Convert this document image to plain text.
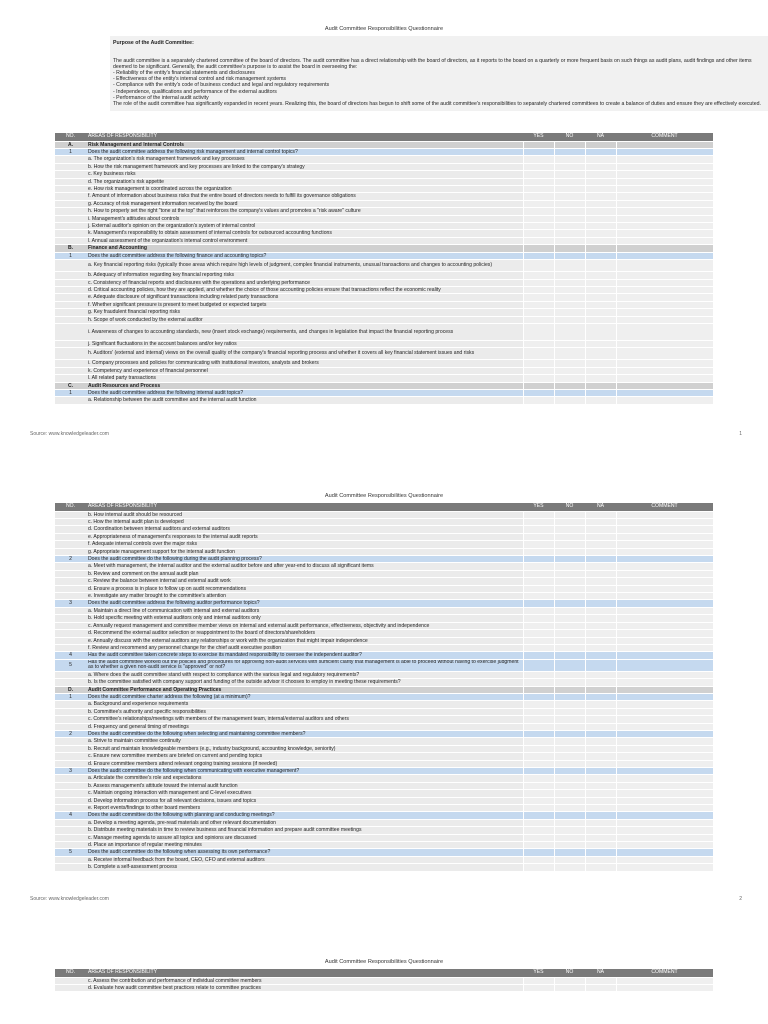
Audit Committee Responsibilities Questionnaire
Purpose of the Audit Committee:
The audit committee is a separately chartered committee of the board of directors. The audit committee has a direct relationship with the board of directors, as it reports to the board on a quarterly or more frequent basis on such things as audit plans, audit findings and other items deemed to be significant. Generally, the audit committee's purpose is to assist the board in overseeing the:
- Reliability of the entity's financial statements and disclosures
- Effectiveness of the entity's internal control and risk management systems
- Compliance with the entity's code of business conduct and legal and regulatory requirements
- Independence, qualifications and performance of the external auditors
- Performance of the internal audit activity
The role of the audit committee has significantly expanded in recent years. Realizing this, the board of directors has begun to shift some of the audit committee's responsibilities to separately chartered committees to create a balance of duties and ensure they are effectively executed.
NO.	AREAS OF RESPONSIBILITY	YES	NO	NA	COMMENT
A.	Risk Management and Internal Controls				
1	Does the audit committee address the following risk management and internal control topics?				
	a. The organization's risk management framework and key processes				
	b. How the risk management framework and key processes are linked to the company's strategy				
	c. Key business risks				
	d. The organization's risk appetite				
	e. How risk management is coordinated across the organization				
	f. Amount of information about business risks that the entire board of directors needs to fulfill its governance obligations				
	g. Accuracy of risk management information received by the board				
	h. How to properly set the right "tone at the top" that reinforces the company's values and promotes a "risk aware" culture				
	i. Management's attitudes about controls				
	j. External auditor's opinion on the organization's system of internal control				
	k. Management's responsibility to obtain assessment of internal controls for outsourced accounting functions				
	l. Annual assessment of the organization's internal control environment				
B.	Finance and Accounting				
1	Does the audit committee address the following finance and accounting topics?				
	a. Key financial reporting risks (typically those areas which require high levels of judgment, complex financial instruments, unusual transactions and changes to accounting policies)				
	b. Adequacy of information regarding key financial reporting risks				
	c. Consistency of financial reports and disclosures with the operations and underlying performance				
	d. Critical accounting policies, how they are applied, and whether the choice of those accounting policies ensure that transactions reflect the economic reality				
	e. Adequate disclosure of significant transactions including related party transactions				
	f. Whether significant pressure is present to meet budgeted or expected targets				
	g. Key fraudulent financial reporting risks				
	h. Scope of work conducted by the external auditor				
	i. Awareness of changes to accounting standards, new (insert stock exchange) requirements, and changes in legislation that impact the financial reporting process				
	j. Significant fluctuations in the account balances and/or key ratios				
	h. Auditors' (external and internal) views on the overall quality of the company's financial reporting process and whether it covers all key financial statement issues and risks				
	i. Company processes and policies for communicating with institutional investors, analysts and brokers				
	k. Competency and experience of financial personnel				
	l. All related party transactions				
C.	Audit Resources and Process				
1	Does the audit committee address the following internal audit topics?				
	a. Relationship between the audit committee and the internal audit function				
Source: www.knowledgeleader.com	1
Audit Committee Responsibilities Questionnaire
NO.	AREAS OF RESPONSIBILITY	YES	NO	NA	COMMENT
	b. How internal audit should be resourced				
	c. How the internal audit plan is developed				
	d. Coordination between internal auditors and external auditors				
	e. Appropriateness of management's responses to the internal audit reports				
	f. Adequate internal controls over the major risks				
	g. Appropriate management support for the internal audit function				
2	Does the audit committee do the following during the audit planning process?				
	a. Meet with management, the internal auditor and the external auditor before and after year-end to discuss all significant items				
	b. Review and comment on the annual audit plan				
	c. Review the balance between internal and external audit work				
	d. Ensure a process is in place to follow up on audit recommendations				
	e. Investigate any matter brought to the committee's attention				
3	Does the audit committee address the following auditor performance topics?				
	a. Maintain a direct line of communication with internal and external auditors				
	b. Hold specific meeting with external auditors only and internal auditors only				
	c. Annually request management and committee member views on internal and external audit performance, effectiveness, objectivity and independence				
	d. Recommend the external auditor selection or reappointment to the board of directors/shareholders				
	e. Annually discuss with the external auditors any relationships or work with the organization that might impair independence				
	f. Review and recommend any personnel change for the chief audit executive position				
4	Has the audit committee taken concrete steps to exercise its mandated responsibility to oversee the independent auditor?				
5	Has the audit committee worked out the policies and procedures for approving non-audit services with sufficient clarity that management is able to proceed without having to exercise judgment as to whether a given non-audit service is "approved" or not?				
	a. Where does the audit committee stand with respect to compliance with the various legal and regulatory requirements?				
	b. Is the committee satisfied with company support and funding of the outside advisor it chooses to employ in meeting these requirements?				
D.	Audit Committee Performance and Operating Practices				
1	Does the audit committee charter address the following (at a minimum)?				
	a. Background and experience requirements				
	b. Committee's authority and specific responsibilities				
	c. Committee's relationships/meetings with members of the management team, internal/external auditors and others				
	d. Frequency and general timing of meetings				
2	Does the audit committee do the following when selecting and maintaining committee members?				
	a. Strive to maintain committee continuity				
	b. Recruit and maintain knowledgeable members (e.g., industry background, accounting knowledge, seniority)				
	c. Ensure new committee members are briefed on current and pending topics				
	d. Ensure committee members attend relevant ongoing training sessions (if needed)				
3	Does the audit committee do the following when communicating with executive management?				
	a. Articulate the committee's role and expectations				
	b. Assess management's attitude toward the internal audit function				
	c. Maintain ongoing interaction with management and C-level executives				
	d. Develop information process for all relevant decisions, issues and topics				
	e. Report events/findings to other board members				
4	Does the audit committee do the following with planning and conducting meetings?				
	a. Develop a meeting agenda, pre-read materials and other relevant documentation				
	b. Distribute meeting materials in time to review business and financial information and prepare audit committee meetings				
	c. Manage meeting agenda to assure all topics and opinions are discussed				
	d. Place an importance of regular meeting minutes				
5	Does the audit committee do the following when assessing its own performance?				
	a. Receive informal feedback from the board, CEO, CFO and external auditors				
	b. Complete a self-assessment process				
Source: www.knowledgeleader.com	2
Audit Committee Responsibilities Questionnaire
NO.	AREAS OF RESPONSIBILITY	YES	NO	NA	COMMENT
	c. Assess the contribution and performance of individual committee members				
	d. Evaluate how audit committee best practices relate to committee practices				
